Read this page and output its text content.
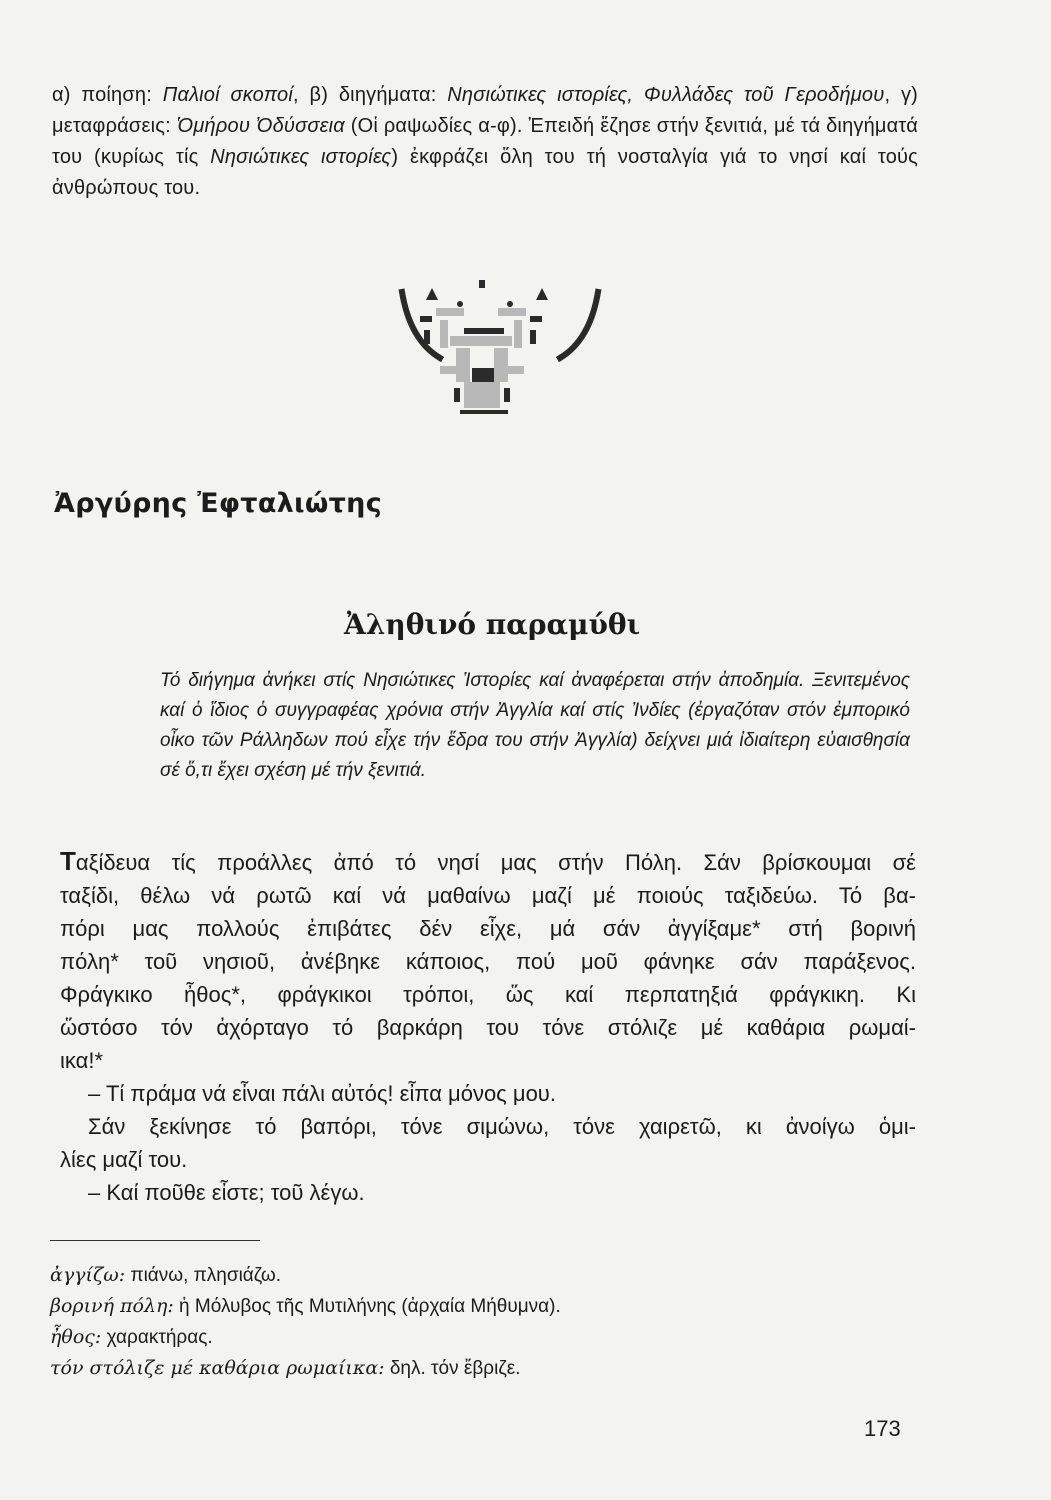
α) ποίηση: Παλιοί σκοποί, β) διηγήματα: Νησιώτικες ιστορίες, Φυλλάδες τοῦ Γεροδήμου, γ) μεταφράσεις: Ὁμήρου Ὀδύσσεια (Οἱ ραψωδίες α-φ). Ἐπειδή ἔζησε στήν ξενιτιά, μέ τά διηγήματά του (κυρίως τίς Νησιώτικες ιστορίες) ἐκφράζει ὅλη του τή νοσταλγία γιά το νησί καί τούς ἀνθρώπους του.

Ἀργύρης Ἐφταλιώτης
Ἀληθινό παραμύθι

Τό διήγημα ἀνήκει στίς Νησιώτικες Ἱστορίες καί ἀναφέρεται στήν ἀποδημία. Ξενιτεμένος καί ὁ ἴδιος ὁ συγγραφέας χρόνια στήν Ἀγγλία καί στίς Ἰνδίες (ἐργαζόταν στόν ἐμπορικό οἶκο τῶν Ράλληδων πού εἶχε τήν ἕδρα του στήν Ἀγγλία) δείχνει μιά ἰδιαίτερη εὐαισθησία σέ ὅ,τι ἔχει σχέση μέ τήν ξενιτιά.

Ταξίδευα τίς προάλλες ἀπό τό νησί μας στήν Πόλη. Σάν βρίσκουμαι σέ

ταξίδι, θέλω νά ρωτῶ καί νά μαθαίνω μαζί μέ ποιούς ταξιδεύω. Τό βα-

πόρι μας πολλούς ἐπιβάτες δέν εἶχε, μά σάν ἀγγίξαμε* στή βορινή

πόλη* τοῦ νησιοῦ, ἀνέβηκε κάποιος, πού μοῦ φάνηκε σάν παράξενος.

Φράγκικο ἦθος*, φράγκικοι τρόποι, ὥς καί περπατηξιά φράγκικη. Κι

ὥστόσο τόν ἀχόρταγο τό βαρκάρη του τόνε στόλιζε μέ καθάρια ρωμαί-

ικα!*

– Τί πράμα νά εἶναι πάλι αὐτός! εἶπα μόνος μου.

Σάν ξεκίνησε τό βαπόρι, τόνε σιμώνω, τόνε χαιρετῶ, κι ἀνοίγω ὁμι-

λίες μαζί του.

– Καί ποῦθε εἶστε; τοῦ λέγω.

ἀγγίζω: πιάνω, πλησιάζω.

βορινή πόλη: ἡ Μόλυβος τῆς Μυτιλήνης (ἀρχαία Μήθυμνα).

ἦθος: χαρακτήρας.

τόν στόλιζε μέ καθάρια ρωμαίικα: δηλ. τόν ἔβριζε.

173
